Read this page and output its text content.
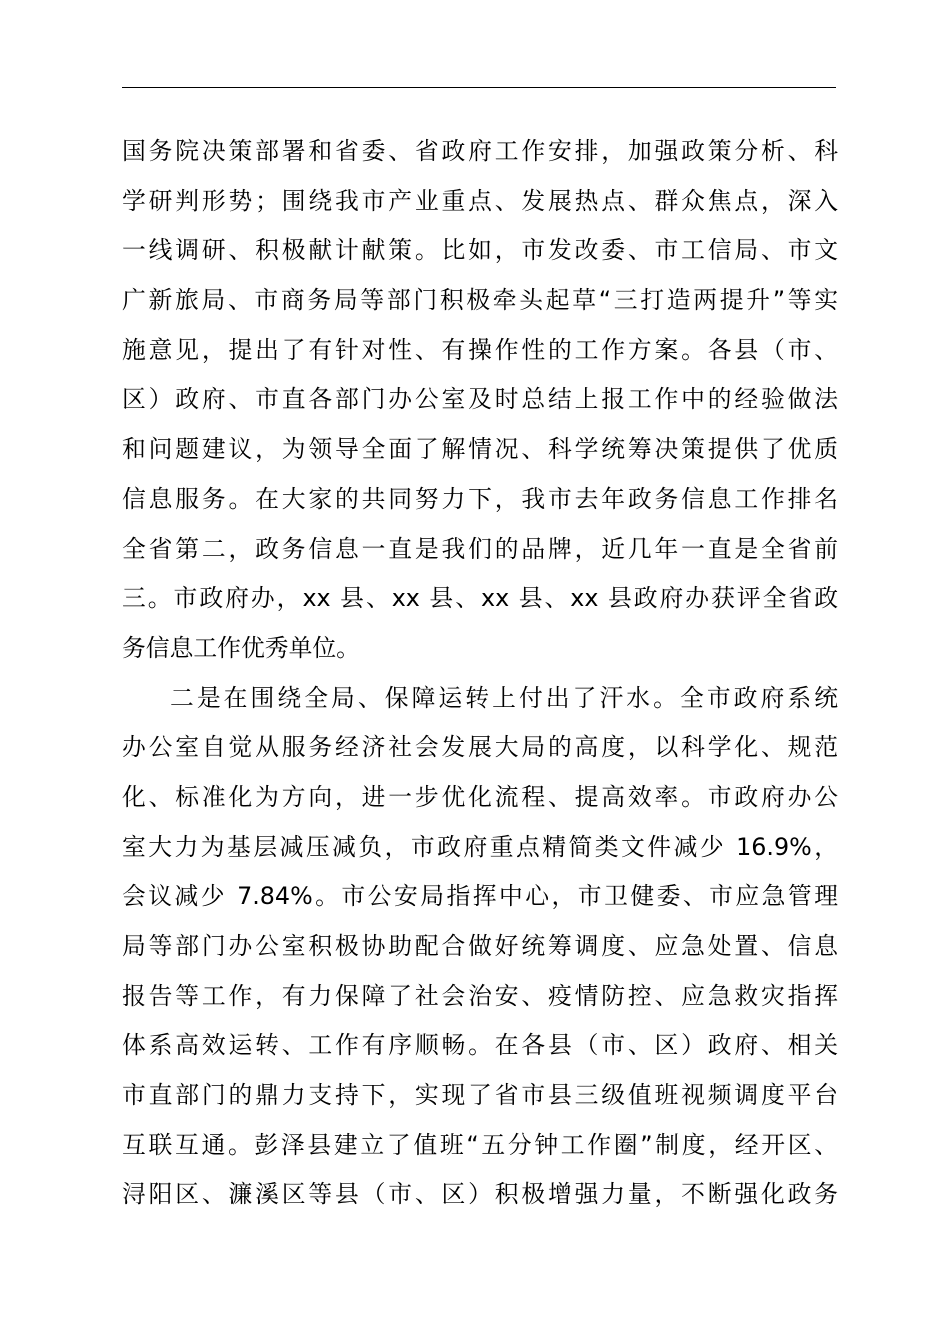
国务院决策部署和省委、省政府工作安排，加强政策分析、科
学研判形势；围绕我市产业重点、发展热点、群众焦点，深入
一线调研、积极献计献策。比如，市发改委、市工信局、市文
广新旅局、市商务局等部门积极牵头起草“三打造两提升”等实
施意见，提出了有针对性、有操作性的工作方案。各县（市、
区）政府、市直各部门办公室及时总结上报工作中的经验做法
和问题建议，为领导全面了解情况、科学统筹决策提供了优质
信息服务。在大家的共同努力下，我市去年政务信息工作排名
全省第二，政务信息一直是我们的品牌，近几年一直是全省前
三。市政府办，xx 县、xx 县、xx 县、xx 县政府办获评全省政
务信息工作优秀单位。
二是在围绕全局、保障运转上付出了汗水。全市政府系统
办公室自觉从服务经济社会发展大局的高度，以科学化、规范
化、标准化为方向，进一步优化流程、提高效率。市政府办公
室大力为基层减压减负，市政府重点精简类文件减少 16.9%，
会议减少 7.84%。市公安局指挥中心，市卫健委、市应急管理
局等部门办公室积极协助配合做好统筹调度、应急处置、信息
报告等工作，有力保障了社会治安、疫情防控、应急救灾指挥
体系高效运转、工作有序顺畅。在各县（市、区）政府、相关
市直部门的鼎力支持下，实现了省市县三级值班视频调度平台
互联互通。彭泽县建立了值班“五分钟工作圈”制度，经开区、
浔阳区、濂溪区等县（市、区）积极增强力量，不断强化政务
